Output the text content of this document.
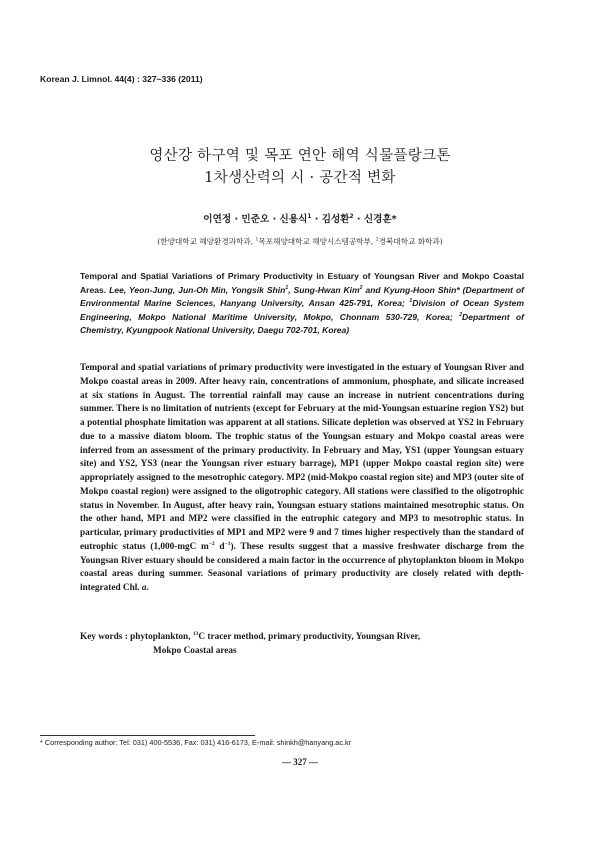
Korean J. Limnol. 44(4) : 327~336 (2011)
영산강 하구역 및 목포 연안 해역 식물플랑크톤
1차생산력의 시 · 공간적 변화
이연정 · 민준오 · 신용식$^1$ · 김성환$^2$ · 신경훈*
(한양대학교 해양환경과학과, $^1$목포해양대학교 해양시스템공학부, $^2$경북대학교 화학과)
Temporal and Spatial Variations of Primary Productivity in Estuary of Youngsan River and Mokpo Coastal Areas. Lee, Yeon-Jung, Jun-Oh Min, Yongsik Shin$^1$, Sung-Hwan Kim$^2$ and Kyung-Hoon Shin* (Department of Environmental Marine Sciences, Hanyang University, Ansan 425-791, Korea; $^1$Division of Ocean System Engineering, Mokpo National Maritime University, Mokpo, Chonnam 530-729, Korea; $^2$Department of Chemistry, Kyungpook National University, Daegu 702-701, Korea)
Temporal and spatial variations of primary productivity were investigated in the estuary of Youngsan River and Mokpo coastal areas in 2009. After heavy rain, concentrations of ammonium, phosphate, and silicate increased at six stations in August. The torrential rainfall may cause an increase in nutrient concentrations during summer. There is no limitation of nutrients (except for February at the mid-Youngsan estuarine region YS2) but a potential phosphate limitation was apparent at all stations. Silicate depletion was observed at YS2 in February due to a massive diatom bloom. The trophic status of the Youngsan estuary and Mokpo coastal areas were inferred from an assessment of the primary productivity. In February and May, YS1 (upper Youngsan estuary site) and YS2, YS3 (near the Youngsan river estuary barrage), MP1 (upper Mokpo coastal region site) were appropriately assigned to the mesotrophic category. MP2 (mid-Mokpo coastal region site) and MP3 (outer site of Mokpo coastal region) were assigned to the oligotrophic category. All stations were classified to the oligotrophic status in November. In August, after heavy rain, Youngsan estuary stations maintained mesotrophic status. On the other hand, MP1 and MP2 were classified in the eutrophic category and MP3 to mesotrophic status. In particular, primary productivities of MP1 and MP2 were 9 and 7 times higher respectively than the standard of eutrophic status (1,000-mgC $m^{-2}$ $d^{-1}$). These results suggest that a massive freshwater discharge from the Youngsan River estuary should be considered a main factor in the occurrence of phytoplankton bloom in Mokpo coastal areas during summer. Seasonal variations of primary productivity are closely related with depth-integrated Chl. a.
Key words : phytoplankton, $^{13}$C tracer method, primary productivity, Youngsan River,
Mokpo Coastal areas
* Corresponding author: Tel: 031) 400-5536, Fax: 031) 416-6173, E-mail: shinkh@hanyang.ac.kr
— 327 —
